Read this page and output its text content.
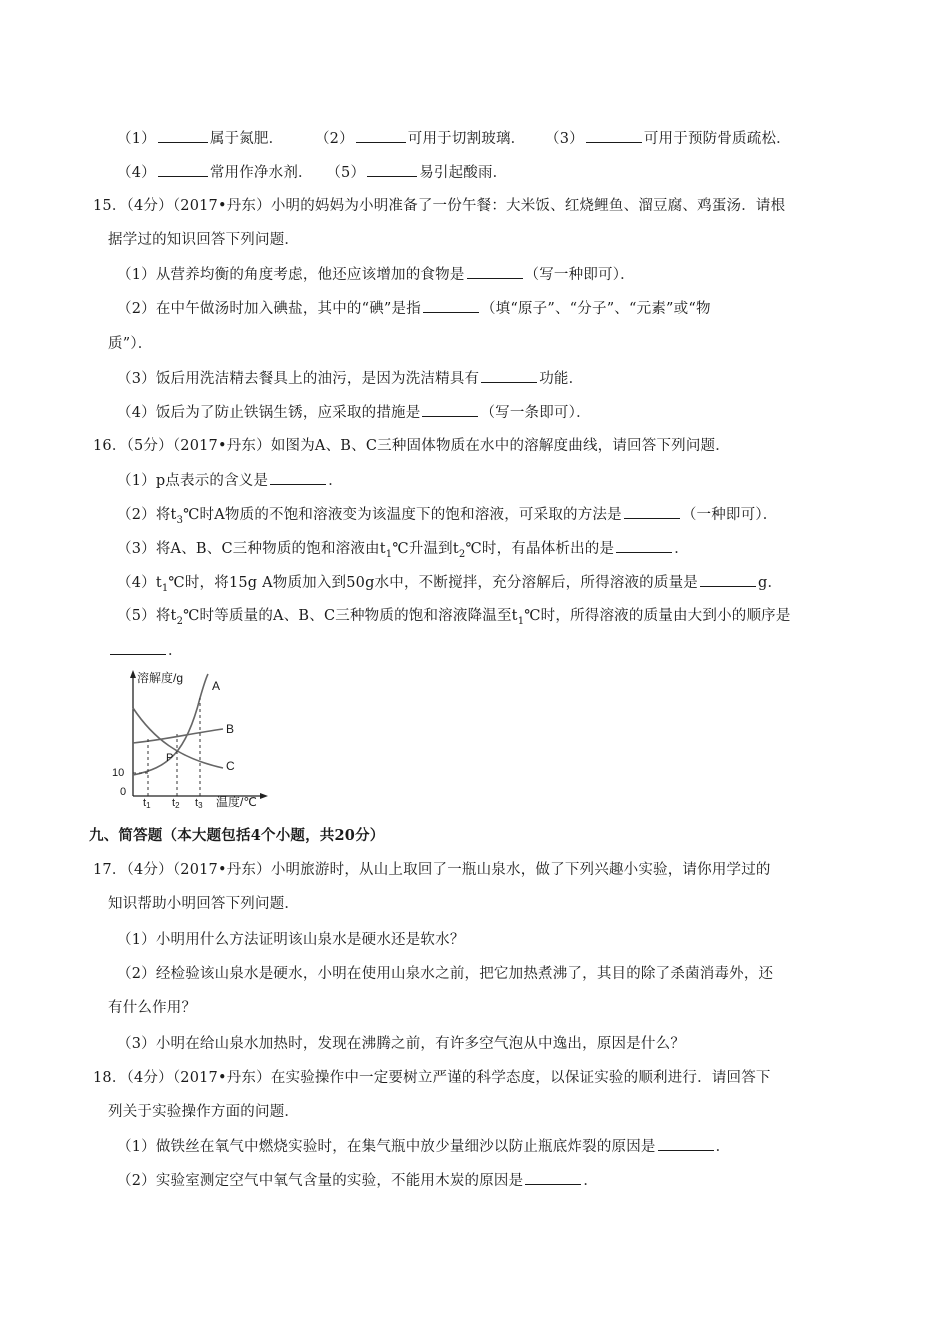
（1）	属于氮肥． （2）	可用于切割玻璃． （3）	可用于预防骨质疏松．
（4）	常用作净水剂． （5）	易引起酸雨．
15．（4分）（2017•丹东）小明的妈妈为小明准备了一份午餐：大米饭、红烧鲤鱼、溜豆腐、鸡蛋汤．请根
据学过的知识回答下列问题．
（1）从营养均衡的角度考虑，他还应该增加的食物是	（写一种即可）．
（2）在中午做汤时加入碘盐，其中的“碘”是指	（填“原子”、“分子”、“元素”或“物
质”）．
（3）饭后用洗洁精去餐具上的油污，是因为洗洁精具有	功能．
（4）饭后为了防止铁锅生锈，应采取的措施是	（写一条即可）．
16．（5分）（2017•丹东）如图为A、B、C三种固体物质在水中的溶解度曲线，请回答下列问题．
（1）p点表示的含义是	．
（2）将$t_3℃$时A物质的不饱和溶液变为该温度下的饱和溶液，可采取的方法是	（一种即可）．
（3）将A、B、C三种物质的饱和溶液由$t_1℃$升温到$t_2℃$时，有晶体析出的是	．
$(4)t_1℃$时，将15g A物质加入到50g水中，不断搅拌，充分溶解后，所得溶液的质量是	g．
（5）将$t_2℃$时等质量的A、B、C三种物质的饱和溶液降温至$t_1℃$时，所得溶液的质量由大到小的顺序是
．
溶解度/g
A
B
C
P
10
0
t1 t2 t3 温度/℃
九、简答题（本大题包括4个小题，共20分）
17．（4分）（2017•丹东）小明旅游时，从山上取回了一瓶山泉水，做了下列兴趣小实验，请你用学过的
知识帮助小明回答下列问题．
（1）小明用什么方法证明该山泉水是硬水还是软水？
（2）经检验该山泉水是硬水，小明在使用山泉水之前，把它加热煮沸了，其目的除了杀菌消毒外，还
有什么作用？
（3）小明在给山泉水加热时，发现在沸腾之前，有许多空气泡从中逸出，原因是什么？
18．（4分）（2017•丹东）在实验操作中一定要树立严谨的科学态度，以保证实验的顺利进行．请回答下
列关于实验操作方面的问题．
（1）做铁丝在氧气中燃烧实验时，在集气瓶中放少量细沙以防止瓶底炸裂的原因是	．
（2）实验室测定空气中氧气含量的实验，不能用木炭的原因是	．
